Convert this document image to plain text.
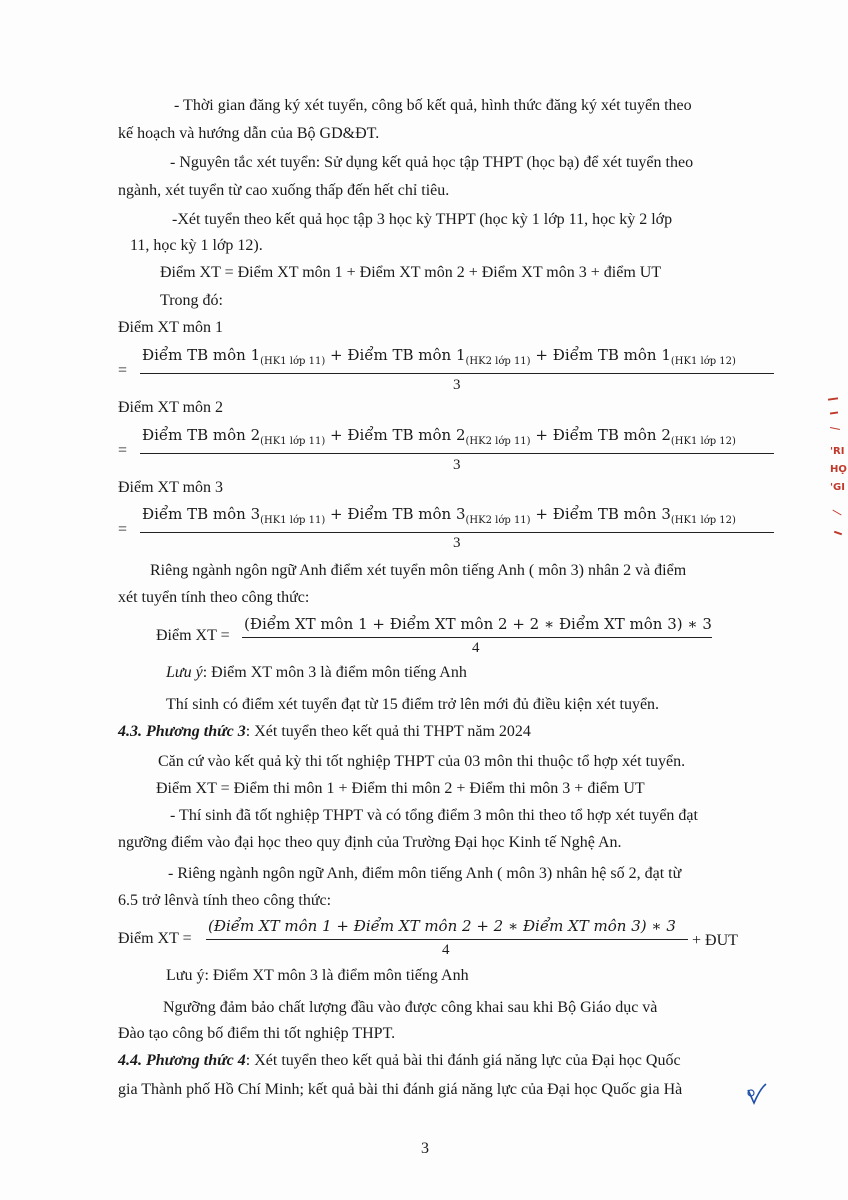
- Thời gian đăng ký xét tuyển, công bố kết quả, hình thức đăng ký xét tuyển theo
kế hoạch và hướng dẫn của Bộ GD&ĐT.
- Nguyên tắc xét tuyển: Sử dụng kết quả học tập THPT (học bạ) để xét tuyển theo
ngành, xét tuyển từ cao xuống thấp đến hết chỉ tiêu.
-Xét tuyển theo kết quả học tập 3 học kỳ THPT (học kỳ 1 lớp 11, học kỳ 2 lớp
11, học kỳ 1 lớp 12).
Điểm XT = Điểm XT môn 1 + Điểm XT môn 2 + Điểm XT môn 3 + điểm UT
Trong đó:
Điểm XT môn 1
=
Điểm TB môn $1_{(HK1 lớp 11)}$ + Điểm TB môn $1_{(HK2 lớp 11)}$ + Điểm TB môn $1_{(HK1 lớp 12)}$
3
Điểm XT môn 2
=
Điểm TB môn $2_{(HK1 lớp 11)}$ + Điểm TB môn $2_{(HK2 lớp 11)}$ + Điểm TB môn $2_{(HK1 lớp 12)}$
3
Điểm XT môn 3
=
Điểm TB môn $3_{(HK1 lớp 11)}$ + Điểm TB môn $3_{(HK2 lớp 11)}$ + Điểm TB môn $3_{(HK1 lớp 12)}$
3
Riêng ngành ngôn ngữ Anh điểm xét tuyển môn tiếng Anh ( môn 3) nhân 2 và điểm
xét tuyển tính theo công thức:
Điểm XT =
(Điểm XT môn 1 + Điểm XT môn 2 + 2 ∗ Điểm XT môn 3) ∗ 3
4
Lưu ý: Điểm XT môn 3 là điểm môn tiếng Anh
Thí sinh có điểm xét tuyển đạt từ 15 điểm trở lên mới đủ điều kiện xét tuyển.
4.3. Phương thức 3: Xét tuyển theo kết quả thi THPT năm 2024
Căn cứ vào kết quả kỳ thi tốt nghiệp THPT của 03 môn thi thuộc tổ hợp xét tuyển.
Điểm XT = Điểm thi môn 1 + Điểm thi môn 2 + Điểm thi môn 3 + điểm UT
- Thí sinh đã tốt nghiệp THPT và có tổng điểm 3 môn thi theo tổ hợp xét tuyển đạt
ngưỡng điểm vào đại học theo quy định của Trường Đại học Kinh tế Nghệ An.
- Riêng ngành ngôn ngữ Anh, điểm môn tiếng Anh ( môn 3) nhân hệ số 2, đạt từ
6.5 trở lênvà tính theo công thức:
Điểm XT =
(Điểm XT môn 1 + Điểm XT môn 2 + 2 ∗ Điểm XT môn 3) ∗ 3
4
+ ĐUT
Lưu ý: Điểm XT môn 3 là điểm môn tiếng Anh
Ngưỡng đảm bảo chất lượng đầu vào được công khai sau khi Bộ Giáo dục và
Đào tạo công bố điểm thi tốt nghiệp THPT.
4.4. Phương thức 4: Xét tuyển theo kết quả bài thi đánh giá năng lực của Đại học Quốc
gia Thành phố Hồ Chí Minh; kết quả bài thi đánh giá năng lực của Đại học Quốc gia Hà
3
'RI
HỌ
'GI
